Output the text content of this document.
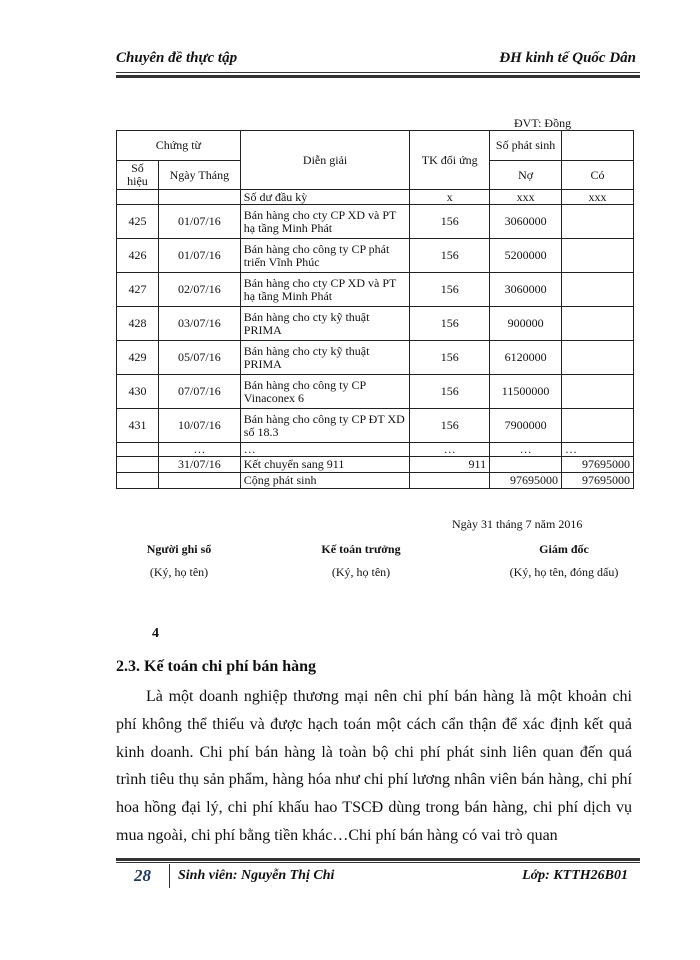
Chuyên đề thực tập	ĐH kinh tế Quốc Dân
ĐVT: Đồng
Chứng từ		Diễn giải	TK đối ứng	Số phát sinh	
Số hiệu	Ngày Tháng			Nợ	Có
		Số dư đầu kỳ	x	xxx	xxx
425	01/07/16	Bán hàng cho cty CP XD và PT hạ tầng Minh Phát	156	3060000	
426	01/07/16	Bán hàng cho công ty CP phát triển Vĩnh Phúc	156	5200000	
427	02/07/16	Bán hàng cho cty CP XD và PT hạ tầng Minh Phát	156	3060000	
428	03/07/16	Bán hàng cho cty kỹ thuật PRIMA	156	900000	
429	05/07/16	Bán hàng cho cty kỹ thuật PRIMA	156	6120000	
430	07/07/16	Bán hàng cho công ty CP Vinaconex 6	156	11500000	
431	10/07/16	Bán hàng cho công ty CP ĐT XD số 18.3	156	7900000	
	…	…	…	…	…
	31/07/16	Kết chuyển sang 911	911		97695000
		Cộng phát sinh		97695000	97695000
Ngày 31 tháng 7 năm 2016
Người ghi sổ
(Ký, họ tên)
Kế toán trưởng
(Ký, họ tên)
Giám đốc
(Ký, họ tên, đóng dấu)
4
2.3. Kế toán chi phí bán hàng

Là một doanh nghiệp thương mại nên chi phí bán hàng là một khoản chi phí không thể thiếu và được hạch toán một cách cẩn thận để xác định kết quả kinh doanh. Chi phí bán hàng là toàn bộ chi phí phát sinh liên quan đến quá trình tiêu thụ sản phẩm, hàng hóa như chi phí lương nhân viên bán hàng, chi phí hoa hồng đại lý, chi phí khấu hao TSCĐ dùng trong bán hàng, chi phí dịch vụ mua ngoài, chi phí bằng tiền khác…Chi phí bán hàng có vai trò quan

28	Sinh viên: Nguyễn Thị Chi	Lớp: KTTH26B01
